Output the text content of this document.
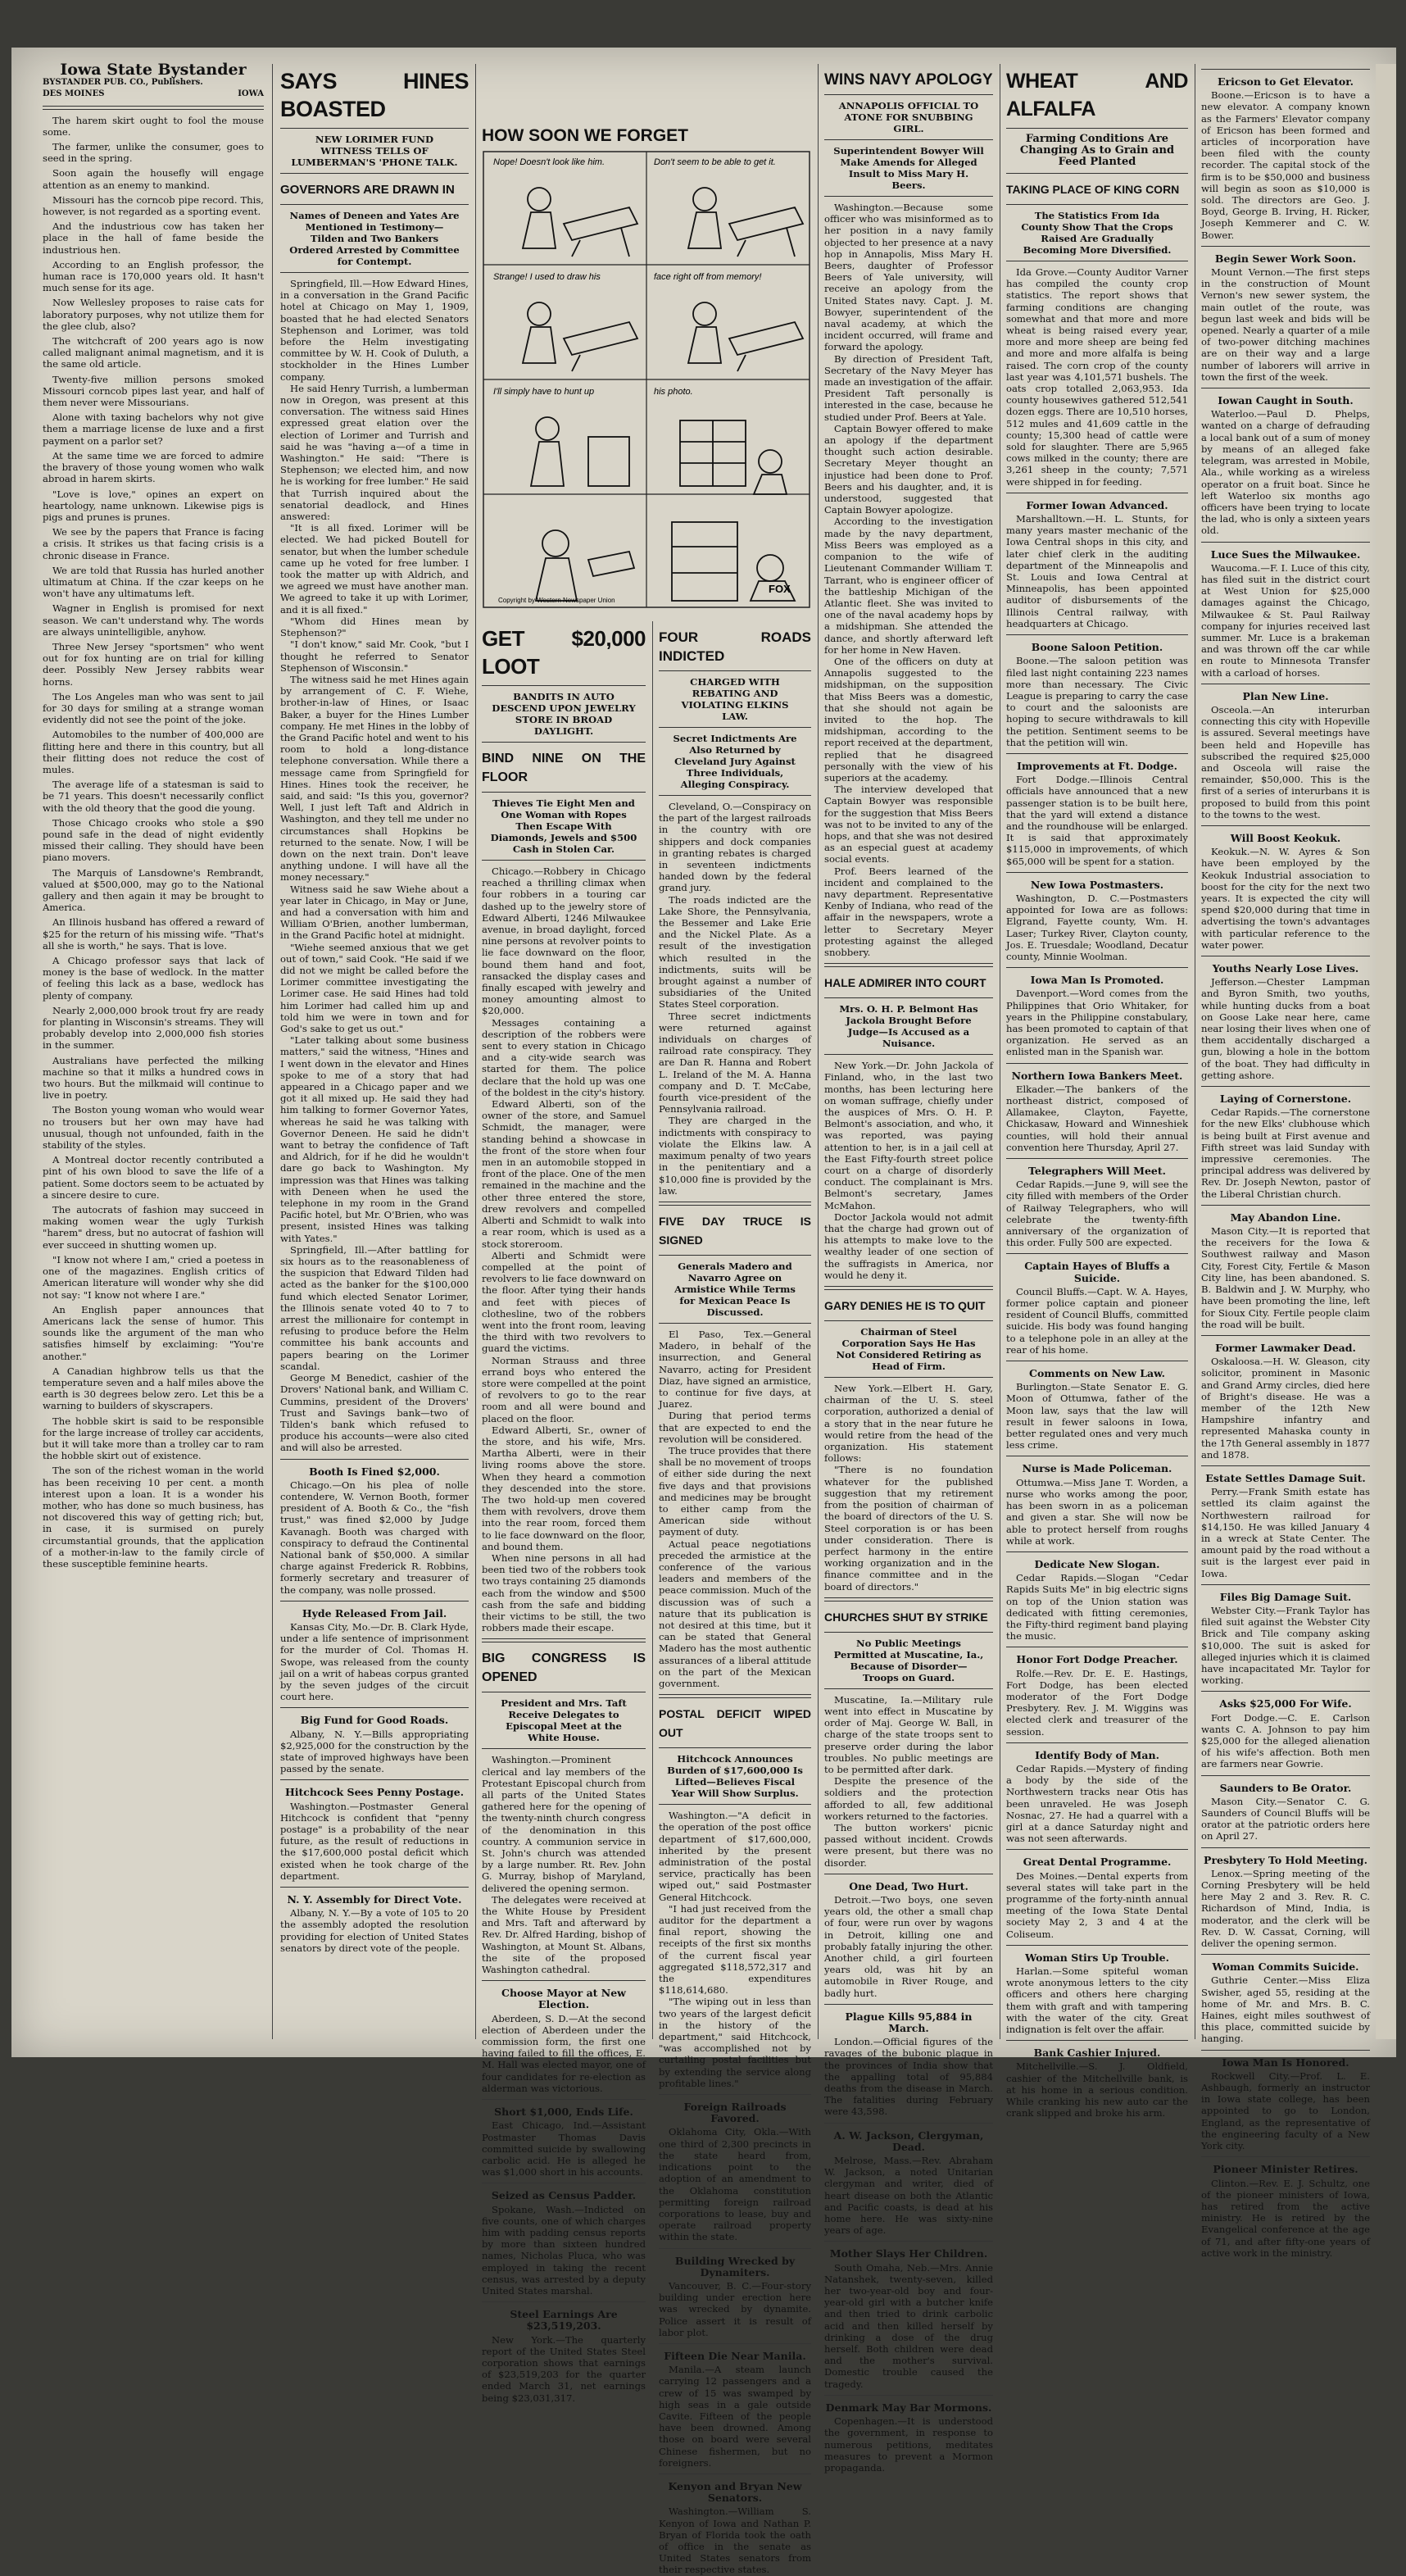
Iowa State Bystander
BYSTANDER PUB. CO., Publishers.
DES MOINES	IOWA

The harem skirt ought to fool the mouse some.

The farmer, unlike the consumer, goes to seed in the spring.

Soon again the housefly will engage attention as an enemy to mankind.

Missouri has the corncob pipe record. This, however, is not regarded as a sporting event.

And the industrious cow has taken her place in the hall of fame beside the industrious hen.

According to an English professor, the human race is 170,000 years old. It hasn't much sense for its age.

Now Wellesley proposes to raise cats for laboratory purposes, why not utilize them for the glee club, also?

The witchcraft of 200 years ago is now called malignant animal magnetism, and it is the same old article.

Twenty-five million persons smoked Missouri corncob pipes last year, and half of them never were Missourians.

Alone with taxing bachelors why not give them a marriage license de luxe and a first payment on a parlor set?

At the same time we are forced to admire the bravery of those young women who walk abroad in harem skirts.

"Love is love," opines an expert on heartology, name unknown. Likewise pigs is pigs and prunes is prunes.

We see by the papers that France is facing a crisis. It strikes us that facing crisis is a chronic disease in France.

We are told that Russia has hurled another ultimatum at China. If the czar keeps on he won't have any ultimatums left.

Wagner in English is promised for next season. We can't understand why. The words are always unintelligible, anyhow.

Three New Jersey "sportsmen" who went out for fox hunting are on trial for killing deer. Possibly New Jersey rabbits wear horns.

The Los Angeles man who was sent to jail for 30 days for smiling at a strange woman evidently did not see the point of the joke.

Automobiles to the number of 400,000 are flitting here and there in this country, but all their flitting does not reduce the cost of mules.

The average life of a statesman is said to be 71 years. This doesn't necessarily conflict with the old theory that the good die young.

Those Chicago crooks who stole a $90 pound safe in the dead of night evidently missed their calling. They should have been piano movers.

The Marquis of Lansdowne's Rembrandt, valued at $500,000, may go to the National gallery and then again it may be brought to America.

An Illinois husband has offered a reward of $25 for the return of his missing wife. "That's all she is worth," he says. That is love.

A Chicago professor says that lack of money is the base of wedlock. In the matter of feeling this lack as a base, wedlock has plenty of company.

Nearly 2,000,000 brook trout fry are ready for planting in Wisconsin's streams. They will probably develop into 2,000,000 fish stories in the summer.

Australians have perfected the milking machine so that it milks a hundred cows in two hours. But the milkmaid will continue to live in poetry.

The Boston young woman who would wear no trousers but her own may have had unusual, though not unfounded, faith in the stability of the styles.

A Montreal doctor recently contributed a pint of his own blood to save the life of a patient. Some doctors seem to be actuated by a sincere desire to cure.

The autocrats of fashion may succeed in making women wear the ugly Turkish "harem" dress, but no autocrat of fashion will ever succeed in shutting women up.

"I know not where I am," cried a poetess in one of the magazines. English critics of American literature will wonder why she did not say: "I know not where I are."

An English paper announces that Americans lack the sense of humor. This sounds like the argument of the man who satisfies himself by exclaiming: "You're another."

A Canadian highbrow tells us that the temperature seven and a half miles above the earth is 30 degrees below zero. Let this be a warning to builders of skyscrapers.

The hobble skirt is said to be responsible for the large increase of trolley car accidents, but it will take more than a trolley car to ram the hobble skirt out of existence.

The son of the richest woman in the world has been receiving 10 per cent. a month interest upon a loan. It is a wonder his mother, who has done so much business, has not discovered this way of getting rich; but, in case, it is surmised on purely circumstantial grounds, that the application of a mother-in-law to the family circle of these susceptible feminine hearts.

SAYS HINES BOASTED
NEW LORIMER FUND WITNESS TELLS OF LUMBERMAN'S 'PHONE TALK.
GOVERNORS ARE DRAWN IN
Names of Deneen and Yates Are Mentioned in Testimony—Tilden and Two Bankers Ordered Arrested by Committee for Contempt.

Springfield, Ill.—How Edward Hines, in a conversation in the Grand Pacific hotel at Chicago on May 1, 1909, boasted that he had elected Senators Stephenson and Lorimer, was told before the Helm investigating committee by W. H. Cook of Duluth, a stockholder in the Hines Lumber company.

He said Henry Turrish, a lumberman now in Oregon, was present at this conversation. The witness said Hines expressed great elation over the election of Lorimer and Turrish and said he was "having a—of a time in Washington." He said: "There is Stephenson; we elected him, and now he is working for free lumber." He said that Turrish inquired about the senatorial deadlock, and Hines answered:

"It is all fixed. Lorimer will be elected. We had picked Boutell for senator, but when the lumber schedule came up he voted for free lumber. I took the matter up with Aldrich, and we agreed we must have another man. We agreed to take it up with Lorimer, and it is all fixed."

"Whom did Hines mean by Stephenson?"

"I don't know," said Mr. Cook, "but I thought he referred to Senator Stephenson of Wisconsin."

The witness said he met Hines again by arrangement of C. F. Wiehe, brother-in-law of Hines, or Isaac Baker, a buyer for the Hines Lumber company. He met Hines in the lobby of the Grand Pacific hotel and went to his room to hold a long-distance telephone conversation. While there a message came from Springfield for Hines. Hines took the receiver, he said, and said: "Is this you, governor? Well, I just left Taft and Aldrich in Washington, and they tell me under no circumstances shall Hopkins be returned to the senate. Now, I will be down on the next train. Don't leave anything undone. I will have all the money necessary."

Witness said he saw Wiehe about a year later in Chicago, in May or June, and had a conversation with him and William O'Brien, another lumberman, in the Grand Pacific hotel at midnight.

"Wiehe seemed anxious that we get out of town," said Cook. "He said if we did not we might be called before the Lorimer committee investigating the Lorimer case. He said Hines had told him Lorimer had called him up and told him we were in town and for God's sake to get us out."

"Later talking about some business matters," said the witness, "Hines and I went down in the elevator and Hines spoke to me of a story that had appeared in a Chicago paper and we got it all mixed up. He said they had him talking to former Governor Yates, whereas he said he was talking with Governor Deneen. He said he didn't want to betray the confidence of Taft and Aldrich, for if he did he wouldn't dare go back to Washington. My impression was that Hines was talking with Deneen when he used the telephone in my room in the Grand Pacific hotel, but Mr. O'Brien, who was present, insisted Hines was talking with Yates."

Springfield, Ill.—After battling for six hours as to the reasonableness of the suspicion that Edward Tilden had acted as the banker for the $100,000 fund which elected Senator Lorimer, the Illinois senate voted 40 to 7 to arrest the millionaire for contempt in refusing to produce before the Helm committee his bank accounts and papers bearing on the Lorimer scandal.

George M Benedict, cashier of the Drovers' National bank, and William C. Cummins, president of the Drovers' Trust and Savings bank—two of Tilden's bank which refused to produce his accounts—were also cited and will also be arrested.

Booth Is Fined $2,000.

Chicago.—On his plea of nolle contendere, W. Vernon Booth, former president of A. Booth & Co., the "fish trust," was fined $2,000 by Judge Kavanagh. Booth was charged with conspiracy to defraud the Continental National bank of $50,000. A similar charge against Frederick R. Robbins, formerly secretary and treasurer of the company, was nolle prossed.

Hyde Released From Jail.

Kansas City, Mo.—Dr. B. Clark Hyde, under a life sentence of imprisonment for the murder of Col. Thomas H. Swope, was released from the county jail on a writ of habeas corpus granted by the seven judges of the circuit court here.

Big Fund for Good Roads.

Albany, N. Y.—Bills appropriating $2,925,000 for the construction by the state of improved highways have been passed by the senate.

Hitchcock Sees Penny Postage.

Washington.—Postmaster General Hitchcock is confident that "penny postage" is a probability of the near future, as the result of reductions in the $17,600,000 postal deficit which existed when he took charge of the department.

N. Y. Assembly for Direct Vote.

Albany, N. Y.—By a vote of 105 to 20 the assembly adopted the resolution providing for election of United States senators by direct vote of the people.

HOW SOON WE FORGET
Nope! Doesn't look like him.	Don't seem to be able to get it.
Strange! I used to draw his	face right off from memory!
I'll simply have to hunt up	his photo.
FOX
Copyright by Western Newspaper Union
GET $20,000 LOOT
BANDITS IN AUTO DESCEND UPON JEWELRY STORE IN BROAD DAYLIGHT.
BIND NINE ON THE FLOOR
Thieves Tie Eight Men and One Woman with Ropes Then Escape With Diamonds, Jewels and $500 Cash in Stolen Car.

Chicago.—Robbery in Chicago reached a thrilling climax when four robbers in a touring car dashed up to the jewelry store of Edward Alberti, 1246 Milwaukee avenue, in broad daylight, forced nine persons at revolver points to lie face downward on the floor, bound them hand and foot, ransacked the display cases and finally escaped with jewelry and money amounting almost to $20,000.

Messages containing a description of the robbers were sent to every station in Chicago and a city-wide search was started for them. The police declare that the hold up was one of the boldest in the city's history.

Edward Alberti, son of the owner of the store, and Samuel Schmidt, the manager, were standing behind a showcase in the front of the store when four men in an automobile stopped in front of the place. One of the men remained in the machine and the other three entered the store, drew revolvers and compelled Alberti and Schmidt to walk into a rear room, which is used as a stock storeroom.

Alberti and Schmidt were compelled at the point of revolvers to lie face downward on the floor. After tying their hands and feet with pieces of clothesline, two of the robbers went into the front room, leaving the third with two revolvers to guard the victims.

Norman Strauss and three errand boys who entered the store were compelled at the point of revolvers to go to the rear room and all were bound and placed on the floor.

Edward Alberti, Sr., owner of the store, and his wife, Mrs. Martha Alberti, were in their living rooms above the store. When they heard a commotion they descended into the store. The two hold-up men covered them with revolvers, drove them into the rear room, forced them to lie face downward on the floor, and bound them.

When nine persons in all had been tied two of the robbers took two trays containing 25 diamonds each from the window and $500 cash from the safe and bidding their victims to be still, the two robbers made their escape.

BIG CONGRESS IS OPENED
President and Mrs. Taft Receive Delegates to Episcopal Meet at the White House.

Washington.—Prominent clerical and lay members of the Protestant Episcopal church from all parts of the United States gathered here for the opening of the twenty-ninth church congress of the denomination in this country. A communion service in St. John's church was attended by a large number. Rt. Rev. John G. Murray, bishop of Maryland, delivered the opening sermon.

The delegates were received at the White House by President and Mrs. Taft and afterward by Rev. Dr. Alfred Harding, bishop of Washington, at Mount St. Albans, the site of the proposed Washington cathedral.

Choose Mayor at New Election.

Aberdeen, S. D.—At the second election of Aberdeen under the commission form, the first one having failed to fill the offices, E. M. Hall was elected mayor, one of four candidates for re-election as alderman was victorious.

Short $1,000, Ends Life.

East Chicago, Ind.—Assistant Postmaster Thomas Davis committed suicide by swallowing carbolic acid. He is alleged he was $1,000 short in his accounts.

Seized as Census Padder.

Spokane, Wash.—Indicted on five counts, one of which charges him with padding census reports by more than sixteen hundred names, Nicholas Pluca, who was employed in taking the recent census, was arrested by a deputy United States marshal.

Steel Earnings Are $23,519,203.

New York.—The quarterly report of the United States Steel corporation shows that earnings of $23,519,203 for the quarter ended March 31, net earnings being $23,031,317.

FOUR ROADS INDICTED
CHARGED WITH REBATING AND VIOLATING ELKINS LAW.
Secret Indictments Are Also Returned by Cleveland Jury Against Three Individuals, Alleging Conspiracy.

Cleveland, O.—Conspiracy on the part of the largest railroads in the country with ore shippers and dock companies in granting rebates is charged in seventeen indictments handed down by the federal grand jury.

The roads indicted are the Lake Shore, the Pennsylvania, the Bessemer and Lake Erie and the Nickel Plate. As a result of the investigation which resulted in the indictments, suits will be brought against a number of subsidiaries of the United States Steel corporation.

Three secret indictments were returned against individuals on charges of railroad rate conspiracy. They are Dan R. Hanna and Robert L. Ireland of the M. A. Hanna company and D. T. McCabe, fourth vice-president of the Pennsylvania railroad.

They are charged in the indictments with conspiracy to violate the Elkins law. A maximum penalty of two years in the penitentiary and a $10,000 fine is provided by the law.

FIVE DAY TRUCE IS SIGNED
Generals Madero and Navarro Agree on Armistice While Terms for Mexican Peace Is Discussed.

El Paso, Tex.—General Madero, in behalf of the insurrection, and General Navarro, acting for President Diaz, have signed an armistice, to continue for five days, at Juarez.

During that period terms that are expected to end the revolution will be considered.

The truce provides that there shall be no movement of troops of either side during the next five days and that provisions and medicines may be brought to either camp from the American side without payment of duty.

Actual peace negotiations preceded the armistice at the conference of the various leaders and members of the peace commission. Much of the discussion was of such a nature that its publication is not desired at this time, but it can be stated that General Madero has the most authentic assurances of a liberal attitude on the part of the Mexican government.

POSTAL DEFICIT WIPED OUT
Hitchcock Announces Burden of $17,600,000 Is Lifted—Believes Fiscal Year Will Show Surplus.

Washington.—"A deficit in the operation of the post office department of $17,600,000, inherited by the present administration of the postal service, practically has been wiped out," said Postmaster General Hitchcock.

"I had just received from the auditor for the department a final report, showing the receipts of the first six months of the current fiscal year aggregated $118,572,317 and the expenditures $118,614,680.

"The wiping out in less than two years of the largest deficit in the history of the department," said Hitchcock, "was accomplished not by curtailing postal facilities but by extending the service along profitable lines."

Foreign Railroads Favored.

Oklahoma City, Okla.—With one third of 2,300 precincts in the state heard from, indications point to the adoption of an amendment to the Oklahoma constitution permitting foreign railroad corporations to lease, buy and operate railroad property within the state.

Building Wrecked by Dynamiters.

Vancouver, B. C.—Four-story building under erection here was wrecked by dynamite. Police assert it is result of labor plot.

Fifteen Die Near Manila.

Manila.—A steam launch carrying 12 passengers and a crew of 15 was swamped by high seas in a gale outside Cavite. Fifteen of the people have been drowned. Among those on board were several Chinese fishermen, but no foreigners.

Kenyon and Bryan New Senators.

Washington.—William S. Kenyon of Iowa and Nathan P. Bryan of Florida took the oath of office in the senate as United States senators from their respective states.

WINS NAVY APOLOGY
ANNAPOLIS OFFICIAL TO ATONE FOR SNUBBING GIRL.
Superintendent Bowyer Will Make Amends for Alleged Insult to Miss Mary H. Beers.

Washington.—Because some officer who was misinformed as to her position in a navy family objected to her presence at a navy hop in Annapolis, Miss Mary H. Beers, daughter of Professor Beers of Yale university, will receive an apology from the United States navy. Capt. J. M. Bowyer, superintendent of the naval academy, at which the incident occurred, will frame and forward the apology.

By direction of President Taft, Secretary of the Navy Meyer has made an investigation of the affair. President Taft personally is interested in the case, because he studied under Prof. Beers at Yale.

Captain Bowyer offered to make an apology if the department thought such action desirable. Secretary Meyer thought an injustice had been done to Prof. Beers and his daughter, and, it is understood, suggested that Captain Bowyer apologize.

According to the investigation made by the navy department, Miss Beers was employed as a companion to the wife of Lieutenant Commander William T. Tarrant, who is engineer officer of the battleship Michigan of the Atlantic fleet. She was invited to one of the naval academy hops by a midshipman. She attended the dance, and shortly afterward left for her home in New Haven.

One of the officers on duty at Annapolis suggested to the midshipman, on the supposition that Miss Beers was a domestic, that she should not again be invited to the hop. The midshipman, according to the report received at the department, replied that he disagreed personally with the view of his superiors at the academy.

The interview developed that Captain Bowyer was responsible for the suggestion that Miss Beers was not to be invited to any of the hops, and that she was not desired as an especial guest at academy social events.

Prof. Beers learned of the incident and complained to the navy department. Representative Kenby of Indiana, who read of the affair in the newspapers, wrote a letter to Secretary Meyer protesting against the alleged snobbery.

HALE ADMIRER INTO COURT
Mrs. O. H. P. Belmont Has Jackola Brought Before Judge—Is Accused as a Nuisance.

New York.—Dr. John Jackola of Finland, who, in the last two months, has been lecturing here on woman suffrage, chiefly under the auspices of Mrs. O. H. P. Belmont's association, and who, it was reported, was paying attention to her, is in a jail cell at the East Fifty-fourth street police court on a charge of disorderly conduct. The complainant is Mrs. Belmont's secretary, James McMahon.

Doctor Jackola would not admit that the charge had grown out of his attempts to make love to the wealthy leader of one section of the suffragists in America, nor would he deny it.

GARY DENIES HE IS TO QUIT
Chairman of Steel Corporation Says He Has Not Considered Retiring as Head of Firm.

New York.—Elbert H. Gary, chairman of the U. S. steel corporation, authorized a denial of a story that in the near future he would retire from the head of the organization. His statement follows:

"There is no foundation whatever for the published suggestion that my retirement from the position of chairman of the board of directors of the U. S. Steel corporation is or has been under consideration. There is perfect harmony in the entire working organization and in the finance committee and in the board of directors."

CHURCHES SHUT BY STRIKE
No Public Meetings Permitted at Muscatine, Ia., Because of Disorder—Troops on Guard.

Muscatine, Ia.—Military rule went into effect in Muscatine by order of Maj. George W. Ball, in charge of the state troops sent to preserve order during the labor troubles. No public meetings are to be permitted after dark.

Despite the presence of the soldiers and the protection afforded to all, few additional workers returned to the factories.

The button workers' picnic passed without incident. Crowds were present, but there was no disorder.

One Dead, Two Hurt.

Detroit.—Two boys, one seven years old, the other a small chap of four, were run over by wagons in Detroit, killing one and probably fatally injuring the other. Another child, a girl fourteen years old, was hit by an automobile in River Rouge, and badly hurt.

Plague Kills 95,884 in March.

London.—Official figures of the ravages of the bubonic plague in the provinces of India show that the appalling total of 95,884 deaths from the disease in March. The fatalities during February were 43,598.

A. W. Jackson, Clergyman, Dead.

Melrose, Mass.—Rev. Abraham W. Jackson, a noted Unitarian clergyman and writer, died of heart disease on both the Atlantic and Pacific coasts, is dead at his home here. He was sixty-nine years of age.

Mother Slays Her Children.

South Omaha, Neb.—Mrs. Annie Natanshek, twenty-seven, killed her two-year-old boy and four-year-old girl with a butcher knife and then tried to drink carbolic acid and then killed herself by drinking a dose of the drug herself. Both children were dead and the mother's survival. Domestic trouble caused the tragedy.

Denmark May Bar Mormons.

Copenhagen.—It is understood the government, in response to numerous petitions, meditates measures to prevent a Mormon propaganda.

WHEAT AND ALFALFA
Farming Conditions Are Changing As to Grain and Feed Planted
TAKING PLACE OF KING CORN
The Statistics From Ida County Show That the Crops Raised Are Gradually Becoming More Diversified.

Ida Grove.—County Auditor Varner has compiled the county crop statistics. The report shows that farming conditions are changing somewhat and that more and more wheat is being raised every year, more and more sheep are being fed and more and more alfalfa is being raised. The corn crop of the county last year was 4,101,571 bushels. The oats crop totalled 2,063,953. Ida county housewives gathered 512,541 dozen eggs. There are 10,510 horses, 512 mules and 41,609 cattle in the county; 15,300 head of cattle were sold for slaughter. There are 5,965 cows milked in the county; there are 3,261 sheep in the county; 7,571 were shipped in for feeding.

Former Iowan Advanced.

Marshalltown.—H. L. Stunts, for many years master mechanic of the Iowa Central shops in this city, and later chief clerk in the auditing department of the Minneapolis and St. Louis and Iowa Central at Minneapolis, has been appointed auditor of disbursements of the Illinois Central railway, with headquarters at Chicago.

Boone Saloon Petition.

Boone.—The saloon petition was filed last night containing 223 names more than necessary. The Civic League is preparing to carry the case to court and the saloonists are hoping to secure withdrawals to kill the petition. Sentiment seems to be that the petition will win.

Improvements at Ft. Dodge.

Fort Dodge.—Illinois Central officials have announced that a new passenger station is to be built here, that the yard will extend a distance and the roundhouse will be enlarged. It is said that approximately $115,000 in improvements, of which $65,000 will be spent for a station.

New Iowa Postmasters.

Washington, D. C.—Postmasters appointed for Iowa are as follows: Elgrand, Fayette county, Wm. H. Laser; Turkey River, Clayton county, Jos. E. Truesdale; Woodland, Decatur county, Minnie Woolman.

Iowa Man Is Promoted.

Davenport.—Word comes from the Philippines that Orio Whitaker, for years in the Philippine constabulary, has been promoted to captain of that organization. He served as an enlisted man in the Spanish war.

Northern Iowa Bankers Meet.

Elkader.—The bankers of the northeast district, composed of Allamakee, Clayton, Fayette, Chickasaw, Howard and Winneshiek counties, will hold their annual convention here Thursday, April 27.

Telegraphers Will Meet.

Cedar Rapids.—June 9, will see the city filled with members of the Order of Railway Telegraphers, who will celebrate the twenty-fifth anniversary of the organization of this order. Fully 500 are expected.

Captain Hayes of Bluffs a Suicide.

Council Bluffs.—Capt. W. A. Hayes, former police captain and pioneer resident of Council Bluffs, committed suicide. His body was found hanging to a telephone pole in an alley at the rear of his home.

Comments on New Law.

Burlington.—State Senator E. G. Moon of Ottumwa, father of the Moon law, says that the law will result in fewer saloons in Iowa, better regulated ones and very much less crime.

Nurse is Made Policeman.

Ottumwa.—Miss Jane T. Worden, a nurse who works among the poor, has been sworn in as a policeman and given a star. She will now be able to protect herself from roughs while at work.

Dedicate New Slogan.

Cedar Rapids.—Slogan "Cedar Rapids Suits Me" in big electric signs on top of the Union station was dedicated with fitting ceremonies, the Fifty-third regiment band playing the music.

Honor Fort Dodge Preacher.

Rolfe.—Rev. Dr. E. E. Hastings, Fort Dodge, has been elected moderator of the Fort Dodge Presbytery. Rev. J. M. Wiggins was elected clerk and treasurer of the session.

Identify Body of Man.

Cedar Rapids.—Mystery of finding a body by the side of the Northwestern tracks near Otis has been unraveled. He was Joseph Nosnac, 27. He had a quarrel with a girl at a dance Saturday night and was not seen afterwards.

Great Dental Programme.

Des Moines.—Dental experts from several states will take part in the programme of the forty-ninth annual meeting of the Iowa State Dental society May 2, 3 and 4 at the Coliseum.

Woman Stirs Up Trouble.

Harlan.—Some spiteful woman wrote anonymous letters to the city officers and others here charging them with graft and with tampering with the water of the city. Great indignation is felt over the affair.

Bank Cashier Injured.

Mitchellville.—S. J. Oldfield, cashier of the Mitchellville bank, is at his home in a serious condition. While cranking his new auto car the crank slipped and broke his arm.

Ericson to Get Elevator.

Boone.—Ericson is to have a new elevator. A company known as the Farmers' Elevator company of Ericson has been formed and articles of incorporation have been filed with the county recorder. The capital stock of the firm is to be $50,000 and business will begin as soon as $10,000 is sold. The directors are Geo. J. Boyd, George B. Irving, H. Ricker, Joseph Kemmerer and C. W. Bower.

Begin Sewer Work Soon.

Mount Vernon.—The first steps in the construction of Mount Vernon's new sewer system, the main outlet of the route, was begun last week and bids will be opened. Nearly a quarter of a mile of two-power ditching machines are on their way and a large number of laborers will arrive in town the first of the week.

Iowan Caught in South.

Waterloo.—Paul D. Phelps, wanted on a charge of defrauding a local bank out of a sum of money by means of an alleged fake telegram, was arrested in Mobile, Ala., while working as a wireless operator on a fruit boat. Since he left Waterloo six months ago officers have been trying to locate the lad, who is only a sixteen years old.

Luce Sues the Milwaukee.

Waucoma.—F. I. Luce of this city, has filed suit in the district court at West Union for $25,000 damages against the Chicago, Milwaukee & St. Paul Railway company for injuries received last summer. Mr. Luce is a brakeman and was thrown off the car while en route to Minnesota Transfer with a carload of horses.

Plan New Line.

Osceola.—An interurban connecting this city with Hopeville is assured. Several meetings have been held and Hopeville has subscribed the required $25,000 and Osceola will raise the remainder, $50,000. This is the first of a series of interurbans it is proposed to build from this point to the towns to the west.

Will Boost Keokuk.

Keokuk.—N. W. Ayres & Son have been employed by the Keokuk Industrial association to boost for the city for the next two years. It is expected the city will spend $20,000 during that time in advertising the town's advantages with particular reference to the water power.

Youths Nearly Lose Lives.

Jefferson.—Chester Lampman and Byron Smith, two youths, while hunting ducks from a boat on Goose Lake near here, came near losing their lives when one of them accidentally discharged a gun, blowing a hole in the bottom of the boat. They had difficulty in getting ashore.

Laying of Cornerstone.

Cedar Rapids.—The cornerstone for the new Elks' clubhouse which is being built at First avenue and Fifth street was laid Sunday with impressive ceremonies. The principal address was delivered by Rev. Dr. Joseph Newton, pastor of the Liberal Christian church.

May Abandon Line.

Mason City.—It is reported that the receivers for the Iowa & Southwest railway and Mason City, Forest City, Fertile & Mason City line, has been abandoned. S. B. Baldwin and J. W. Murphy, who have been promoting the line, left for Sioux City. Fertile people claim the road will be built.

Former Lawmaker Dead.

Oskaloosa.—H. W. Gleason, city solicitor, prominent in Masonic and Grand Army circles, died here of Bright's disease. He was a member of the 12th New Hampshire infantry and represented Mahaska county in the 17th General assembly in 1877 and 1878.

Estate Settles Damage Suit.

Perry.—Frank Smith estate has settled its claim against the Northwestern railroad for $14,150. He was killed January 4 in a wreck at State Center. The amount paid by the road without a suit is the largest ever paid in Iowa.

Files Big Damage Suit.

Webster City.—Frank Taylor has filed suit against the Webster City Brick and Tile company asking $10,000. The suit is asked for alleged injuries which it is claimed have incapacitated Mr. Taylor for working.

Asks $25,000 For Wife.

Fort Dodge.—C. E. Carlson wants C. A. Johnson to pay him $25,000 for the alleged alienation of his wife's affection. Both men are farmers near Gowrie.

Saunders to Be Orator.

Mason City.—Senator C. G. Saunders of Council Bluffs will be orator at the patriotic orders here on April 27.

Presbytery To Hold Meeting.

Lenox.—Spring meeting of the Corning Presbytery will be held here May 2 and 3. Rev. R. C. Richardson of Mind, India, is moderator, and the clerk will be Rev. D. W. Cassat, Corning, will deliver the opening sermon.

Woman Commits Suicide.

Guthrie Center.—Miss Eliza Swisher, aged 55, residing at the home of Mr. and Mrs. B. C. Haines, eight miles southwest of this place, committed suicide by hanging.

Iowa Man Is Honored.

Rockwell City.—Prof. L. E. Ashbaugh, formerly an instructor in Iowa state college, has been appointed to go to London, England, as the representative of the engineering faculty of a New York city.

Pioneer Minister Retires.

Clinton.—Rev. E. J. Schultz, one of the pioneer ministers of Iowa, has retired from the active ministry. He is retired by the Evangelical conference at the age of 71, and after fifty-one years of active work in the ministry.
